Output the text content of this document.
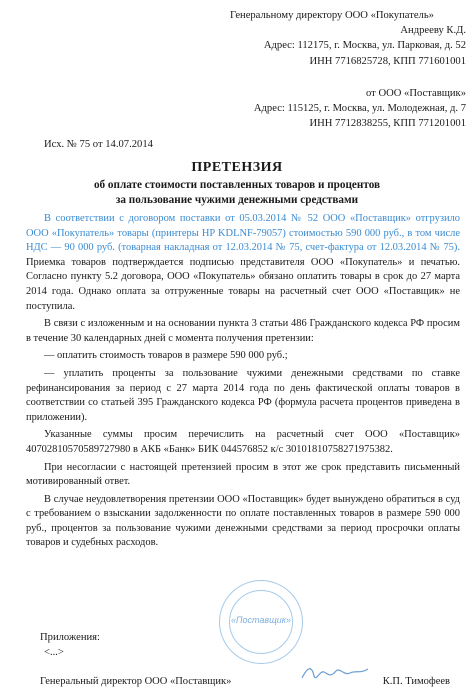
Генеральному директору ООО «Покупатель»
Андрееву К.Д.
Адрес: 112175, г. Москва, ул. Парковая, д. 52
ИНН 7716825728, КПП 771601001
от ООО «Поставщик»
Адрес: 115125, г. Москва, ул. Молодежная, д. 7
ИНН 7712838255, КПП 771201001
Исх. № 75 от 14.07.2014
ПРЕТЕНЗИЯ
об оплате стоимости поставленных товаров и процентов
за пользование чужими денежными средствами

В соответствии с договором поставки от 05.03.2014 № 52 ООО «Поставщик» отгрузило ООО «Покупатель» товары (принтеры HP KDLNF-79057) стоимостью 590 000 руб., в том числе НДС — 90 000 руб. (товарная накладная от 12.03.2014 № 75, счет-фактура от 12.03.2014 № 75). Приемка товаров подтверждается подписью представителя ООО «Покупатель» и печатью. Согласно пункту 5.2 договора, ООО «Покупатель» обязано оплатить товары в срок до 27 марта 2014 года. Однако оплата за отгруженные товары на расчетный счет ООО «Поставщик» не поступила.

В связи с изложенным и на основании пункта 3 статьи 486 Гражданского кодекса РФ просим в течение 30 календарных дней с момента получения претензии:

— оплатить стоимость товаров в размере 590 000 руб.;

— уплатить проценты за пользование чужими денежными средствами по ставке рефинансирования за период с 27 марта 2014 года по день фактической оплаты товаров в соответствии со статьей 395 Гражданского кодекса РФ (формула расчета процентов приведена в приложении).

Указанные суммы просим перечислить на расчетный счет ООО «Поставщик» 40702810570589727980 в АКБ «Банк» БИК 044576852 к/с 30101810758271975382.

При несогласии с настоящей претензией просим в этот же срок представить письменный мотивированный ответ.

В случае неудовлетворения претензии ООО «Поставщик» будет вынуждено обратиться в суд с требованием о взыскании задолженности по оплате поставленных товаров в размере 590 000 руб., процентов за пользование чужими денежными средствами за период просрочки оплаты товаров и судебных расходов.

Приложения:
<...>
«Поставщик»
Генеральный директор ООО «Поставщик»	К.П. Тимофеев
